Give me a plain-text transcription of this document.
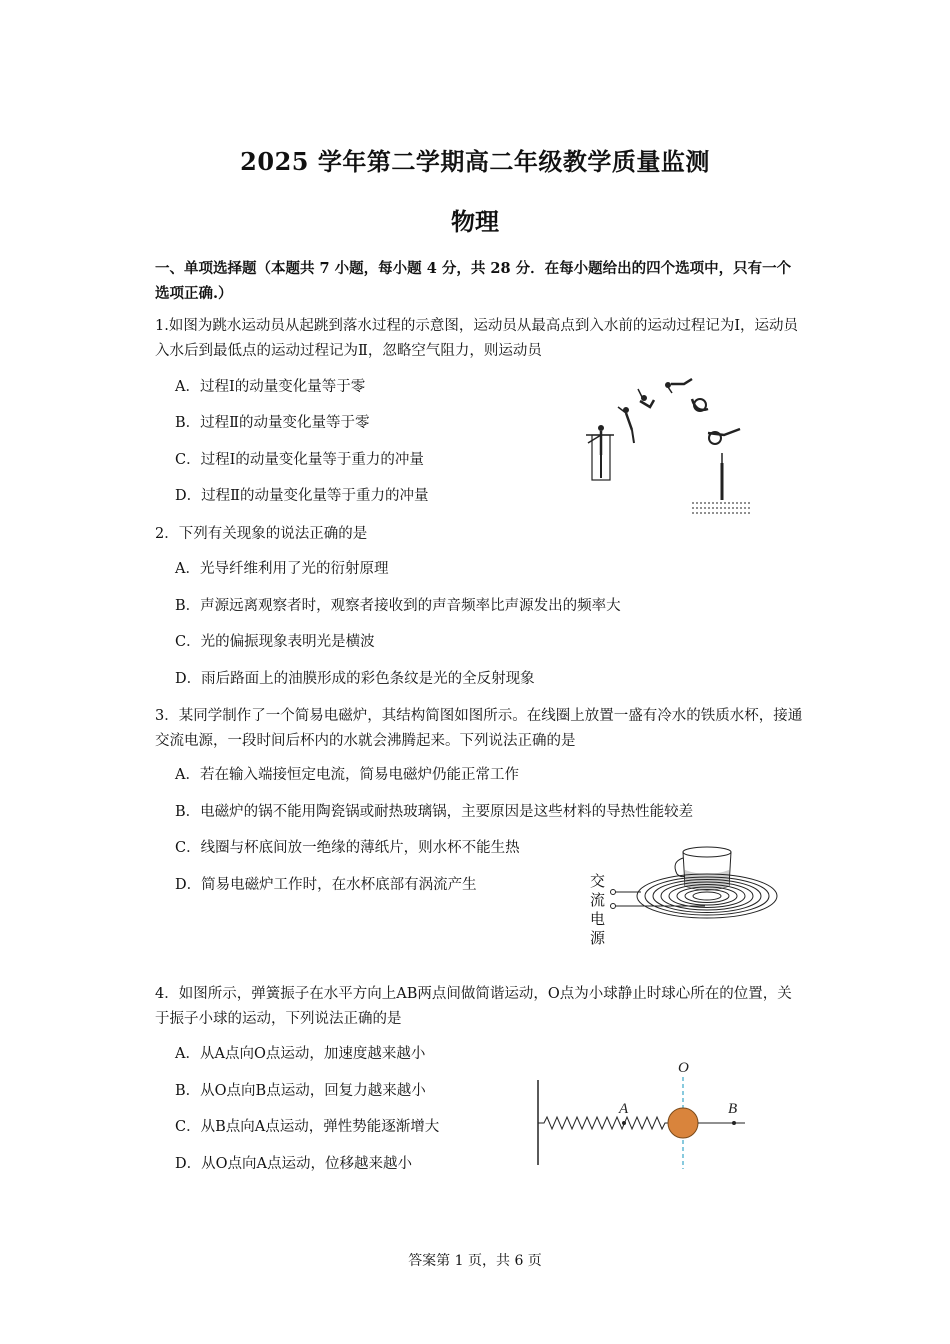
2025 学年第二学期高二年级教学质量监测
物理
一、单项选择题（本题共 7 小题，每小题 4 分，共 28 分．在每小题给出的四个选项中，只有一个选项正确.）
1.如图为跳水运动员从起跳到落水过程的示意图，运动员从最高点到入水前的运动过程记为Ⅰ，运动员入水后到最低点的运动过程记为Ⅱ，忽略空气阻力，则运动员
A．过程Ⅰ的动量变化量等于零
B．过程Ⅱ的动量变化量等于零
C．过程Ⅰ的动量变化量等于重力的冲量
D．过程Ⅱ的动量变化量等于重力的冲量
2．下列有关现象的说法正确的是
A．光导纤维利用了光的衍射原理
B．声源远离观察者时，观察者接收到的声音频率比声源发出的频率大
C．光的偏振现象表明光是横波
D．雨后路面上的油膜形成的彩色条纹是光的全反射现象
3．某同学制作了一个简易电磁炉，其结构简图如图所示。在线圈上放置一盛有冷水的铁质水杯，接通交流电源，一段时间后杯内的水就会沸腾起来。下列说法正确的是
A．若在输入端接恒定电流，简易电磁炉仍能正常工作
B．电磁炉的锅不能用陶瓷锅或耐热玻璃锅，主要原因是这些材料的导热性能较差
C．线圈与杯底间放一绝缘的薄纸片，则水杯不能生热
D．简易电磁炉工作时，在水杯底部有涡流产生	交
流
电
源
4．如图所示，弹簧振子在水平方向上AB两点间做简谐运动，O点为小球静止时球心所在的位置，关于振子小球的运动，下列说法正确的是
A．从A点向O点运动，加速度越来越小
B．从O点向B点运动，回复力越来越小
C．从B点向A点运动，弹性势能逐渐增大
D．从O点向A点运动，位移越来越小
O
A	B
答案第 1 页，共 6 页
